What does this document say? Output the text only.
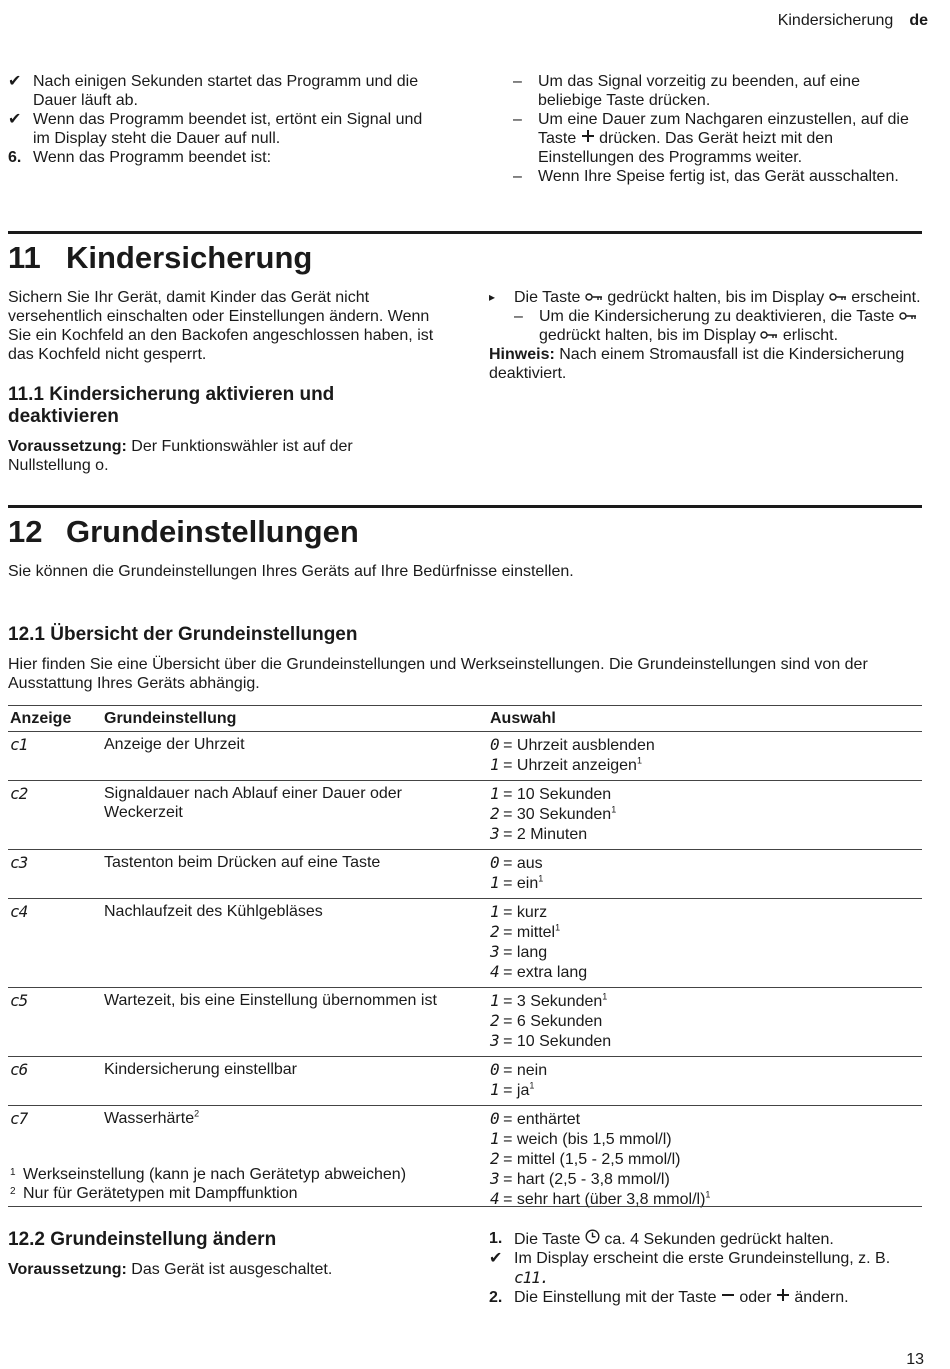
Kindersicherung de
✔ Nach einigen Sekunden startet das Programm und die Dauer läuft ab.
✔ Wenn das Programm beendet ist, ertönt ein Signal und im Display steht die Dauer auf null.
6. Wenn das Programm beendet ist:
–	Um das Signal vorzeitig zu beenden, auf eine beliebige Taste drücken.
–	Um eine Dauer zum Nachgaren einzustellen, auf die Taste drücken. Das Gerät heizt mit den Einstellungen des Programms weiter.
–	Wenn Ihre Speise fertig ist, das Gerät ausschalten.
11 Kindersicherung

Sichern Sie Ihr Gerät, damit Kinder das Gerät nicht versehentlich einschalten oder Einstellungen ändern. Wenn Sie ein Kochfeld an den Backofen angeschlossen haben, ist das Kochfeld nicht gesperrt.

11.1 Kindersicherung aktivieren und deaktivieren

Voraussetzung: Der Funktionswähler ist auf der Nullstellung o.

▸	Die Taste gedrückt halten, bis im Display erscheint.
–	Um die Kindersicherung zu deaktivieren, die Taste  gedrückt halten, bis im Display erlischt.

Hinweis: Nach einem Stromausfall ist die Kindersicherung deaktiviert.

12 Grundeinstellungen

Sie können die Grundeinstellungen Ihres Geräts auf Ihre Bedürfnisse einstellen.

12.1 Übersicht der Grundeinstellungen

Hier finden Sie eine Übersicht über die Grundeinstellungen und Werkseinstellungen. Die Grundeinstellungen sind von der Ausstattung Ihres Geräts abhängig.

Anzeige	Grundeinstellung	Auswahl
c1	Anzeige der Uhrzeit	0 = Uhrzeit ausblenden
1 = Uhrzeit anzeigen$^1$

c2	Signaldauer nach Ablauf einer Dauer oder Weckerzeit	1 = 10 Sekunden
2 = 30 Sekunden$^1$
3 = 2 Minuten

c3	Tastenton beim Drücken auf eine Taste	0 = aus
1 = ein$^1$

c4	Nachlaufzeit des Kühlgebläses	1 = kurz
2 = mittel$^1$
3 = lang
4 = extra lang

c5	Wartezeit, bis eine Einstellung übernommen ist	1 = 3 Sekunden$^1$
2 = 6 Sekunden
3 = 10 Sekunden

c6	Kindersicherung einstellbar	0 = nein
$1 = ja^1$

c7	Wasserhärte$^2$	0 = enthärtet
1 = weich (bis 1,5 mmol/l)
2 = mittel (1,5 - 2,5 mmol/l)
3 = hart (2,5 - 3,8 mmol/l)
4 = sehr hart (über 3,8 mmol/l)$^1$
1 Werkseinstellung (kann je nach Gerätetyp abweichen)
2 Nur für Gerätetypen mit Dampffunktion

12.2 Grundeinstellung ändern

Voraussetzung: Das Gerät ist ausgeschaltet.

1. Die Taste ca. 4 Sekunden gedrückt halten.
✔ Im Display erscheint die erste Grundeinstellung, z. B. c11.
2. Die Einstellung mit der Taste oder ändern.
13
